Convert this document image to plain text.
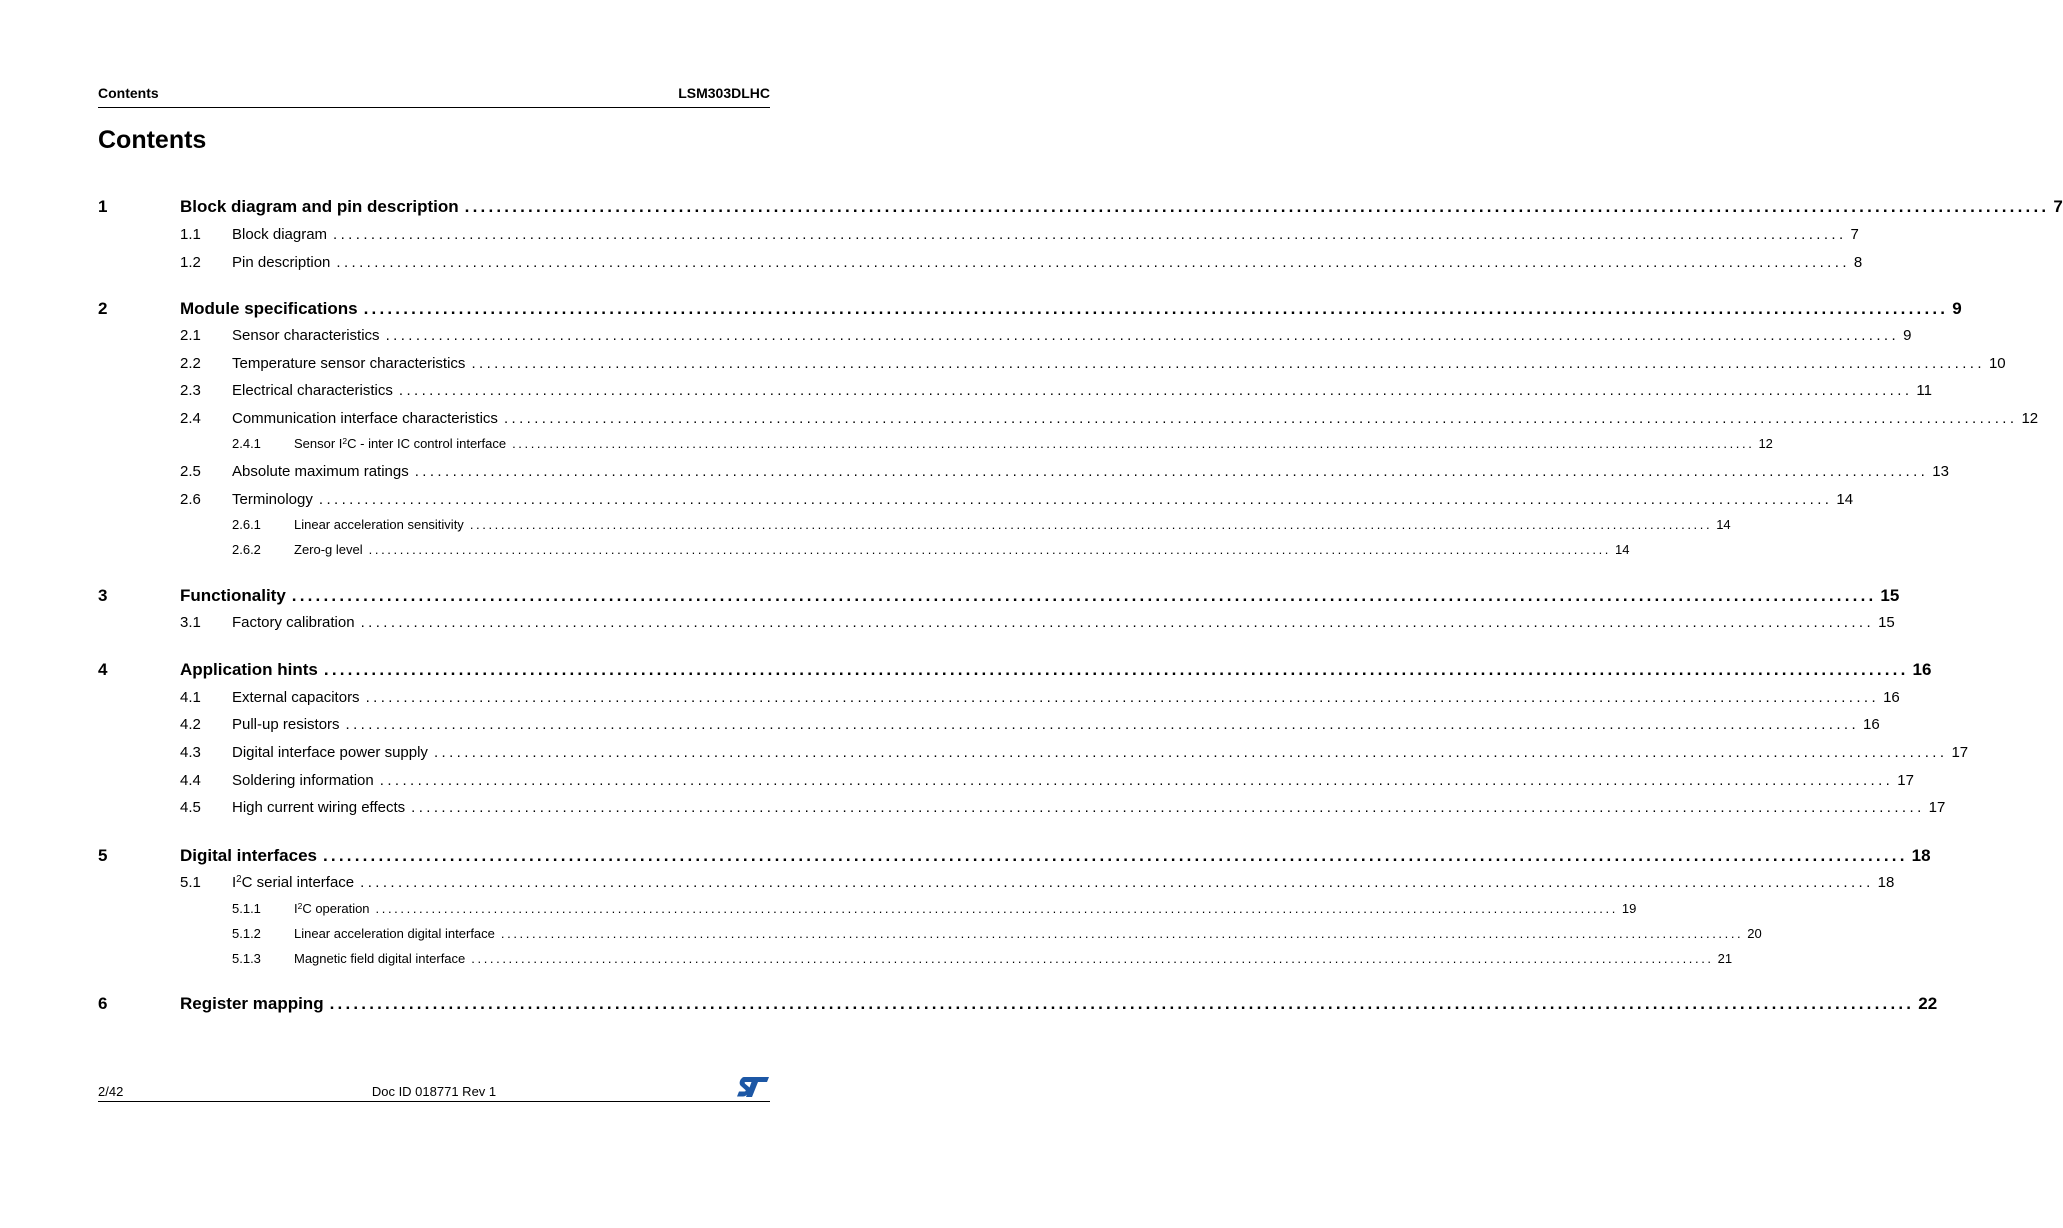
Contents	LSM303DLHC
Contents
1	Block diagram and pin description ........................................................................................................................................................................................................ 7
1.1 Block diagram ........................................................................................................................................................................................................ 7
1.2 Pin description ........................................................................................................................................................................................................ 8
2	Module specifications ........................................................................................................................................................................................................ 9
2.1 Sensor characteristics ........................................................................................................................................................................................................ 9
2.2 Temperature sensor characteristics ........................................................................................................................................................................................................ 10
2.3 Electrical characteristics ........................................................................................................................................................................................................ 11
2.4 Communication interface characteristics ........................................................................................................................................................................................................ 12
2.4.1	Sensor $I^2C$ - inter IC control interface ........................................................................................................................................................................................................ 12
2.5 Absolute maximum ratings ........................................................................................................................................................................................................ 13
2.6 Terminology ........................................................................................................................................................................................................ 14
2.6.1	Linear acceleration sensitivity ........................................................................................................................................................................................................ 14
2.6.2	Zero-g level ........................................................................................................................................................................................................ 14
3	Functionality ........................................................................................................................................................................................................ 15
3.1 Factory calibration ........................................................................................................................................................................................................ 15
4	Application hints ........................................................................................................................................................................................................ 16
4.1 External capacitors ........................................................................................................................................................................................................ 16
4.2 Pull-up resistors ........................................................................................................................................................................................................ 16
4.3 Digital interface power supply ........................................................................................................................................................................................................ 17
4.4 Soldering information ........................................................................................................................................................................................................ 17
4.5 High current wiring effects ........................................................................................................................................................................................................ 17
5	Digital interfaces ........................................................................................................................................................................................................ 18
5.1 $I^2C$ serial interface ........................................................................................................................................................................................................ 18
5.1.1	$I^2C$ operation ........................................................................................................................................................................................................ 19
5.1.2	Linear acceleration digital interface ........................................................................................................................................................................................................ 20
5.1.3	Magnetic field digital interface ........................................................................................................................................................................................................ 21
6	Register mapping ........................................................................................................................................................................................................ 22
2/42	Doc ID 018771 Rev 1
